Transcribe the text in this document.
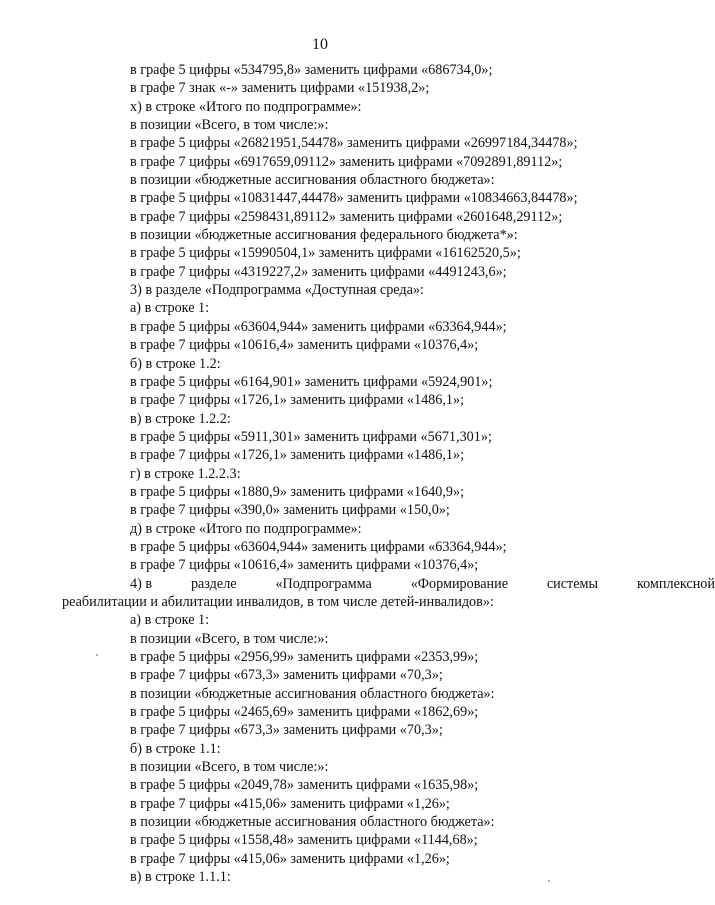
10
в графе 5 цифры «534795,8» заменить цифрами «686734,0»;
в графе 7 знак «-» заменить цифрами «151938,2»;
х) в строке «Итого по подпрограмме»:
в позиции «Всего, в том числе:»:
в графе 5 цифры «26821951,54478» заменить цифрами «26997184,34478»;
в графе 7 цифры «6917659,09112» заменить цифрами «7092891,89112»;
в позиции «бюджетные ассигнования областного бюджета»:
в графе 5 цифры «10831447,44478» заменить цифрами «10834663,84478»;
в графе 7 цифры «2598431,89112» заменить цифрами «2601648,29112»;
в позиции «бюджетные ассигнования федерального бюджета*»:
в графе 5 цифры «15990504,1» заменить цифрами «16162520,5»;
в графе 7 цифры «4319227,2» заменить цифрами «4491243,6»;
3) в разделе «Подпрограмма «Доступная среда»:
а) в строке 1:
в графе 5 цифры «63604,944» заменить цифрами «63364,944»;
в графе 7 цифры «10616,4» заменить цифрами «10376,4»;
б) в строке 1.2:
в графе 5 цифры «6164,901» заменить цифрами «5924,901»;
в графе 7 цифры «1726,1» заменить цифрами «1486,1»;
в) в строке 1.2.2:
в графе 5 цифры «5911,301» заменить цифрами «5671,301»;
в графе 7 цифры «1726,1» заменить цифрами «1486,1»;
г) в строке 1.2.2.3:
в графе 5 цифры «1880,9» заменить цифрами «1640,9»;
в графе 7 цифры «390,0» заменить цифрами «150,0»;
д) в строке «Итого по подпрограмме»:
в графе 5 цифры «63604,944» заменить цифрами «63364,944»;
в графе 7 цифры «10616,4» заменить цифрами «10376,4»;
4) в	разделе	«Подпрограмма	«Формирование	системы	комплексной
реабилитации и абилитации инвалидов, в том числе детей-инвалидов»:
а) в строке 1:
в позиции «Всего, в том числе:»:
в графе 5 цифры «2956,99» заменить цифрами «2353,99»;
в графе 7 цифры «673,3» заменить цифрами «70,3»;
в позиции «бюджетные ассигнования областного бюджета»:
в графе 5 цифры «2465,69» заменить цифрами «1862,69»;
в графе 7 цифры «673,3» заменить цифрами «70,3»;
б) в строке 1.1:
в позиции «Всего, в том числе:»:
в графе 5 цифры «2049,78» заменить цифрами «1635,98»;
в графе 7 цифры «415,06» заменить цифрами «1,26»;
в позиции «бюджетные ассигнования областного бюджета»:
в графе 5 цифры «1558,48» заменить цифрами «1144,68»;
в графе 7 цифры «415,06» заменить цифрами «1,26»;
в) в строке 1.1.1:
